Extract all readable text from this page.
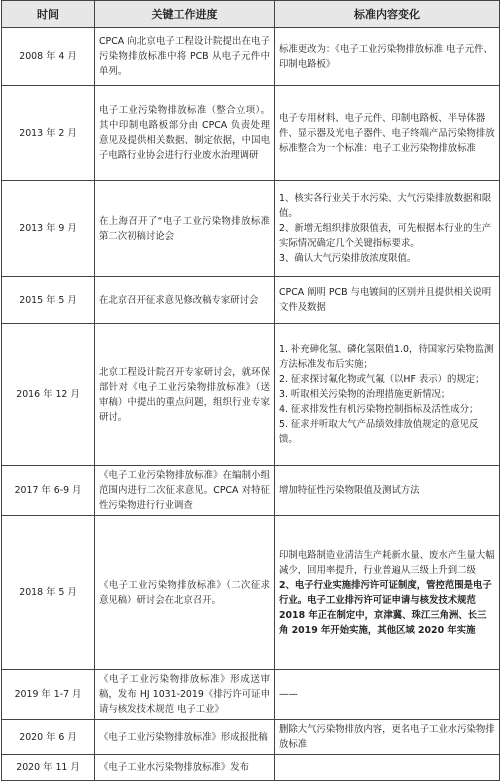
时间	关键工作进度	标准内容变化
2008 年 4 月	CPCA 向北京电子工程设计院提出在电子污染物排放标准中将 PCB 从电子元件中单列。	标准更改为：《电子工业污染物排放标准 电子元件、印制电路板》

2013 年 2 月	电子工业污染物排放标准（整合立项）。其中印制电路板部分由 CPCA 负责处理意见及提供相关数据、制定依据，中国电子电路行业协会进行行业废水治理调研	电子专用材料、电子元件、印制电路板、半导体器件、显示器及光电子器件、电子终端产品污染物排放标准整合为一个标准：电子工业污染物排放标准

2013 年 9 月	在上海召开了“电子工业污染物排放标准第二次初稿讨论会	1、核实各行业关于水污染、大气污染排放数据和限值。

2、新增无组织排放限值表，可先根据本行业的生产实际情况确定几个关键指标要求。

3、确认大气污染排放浓度限值。

2015 年 5 月	在北京召开征求意见修改稿专家研讨会	CPCA 阐明 PCB 与电镀间的区别并且提供相关说明文件及数据

2016 年 12 月	北京工程设计院召开专家研讨会，就环保部针对《电子工业污染物排放标准》（送审稿）中提出的重点问题，组织行业专家研讨。	1. 补充砷化氢、磷化氢限值1.0，待国家污染物监测方法标准发布后实施；

2. 征求探讨氟化物或气氟（以HF 表示）的规定；

3. 听取相关污染物的治理措施更新情况；

4. 征求排发性有机污染物控制指标及活性成分；

5. 征求并听取大气产品绩效排放值规定的意见反馈。

2017 年 6-9 月	《电子工业污染物排放标准》在编制小组范围内进行二次征求意见。CPCA 对特征性污染物进行行业调查	增加特征性污染物限值及测试方法

2018 年 5 月	《电子工业污染物排放标准》（二次征求意见稿）研讨会在北京召开。	印制电路制造业清洁生产耗新水量、废水产生量大幅减少，回用率提升，行业普遍从三级上升到二级

2、电子行业实施排污许可证制度，管控范围是电子行业。电子工业排污许可证申请与核发技术规范 2018 年正在制定中，京津冀、珠江三角洲、长三角 2019 年开始实施，其他区域 2020 年实施

2019 年 1-7 月	《电子工业污染物排放标准》形成送审稿，发布 HJ 1031-2019《排污许可证申请与核发技术规范 电子工业》	——

2020 年 6 月	《电子工业污染物排放标准》形成报批稿	删除大气污染物排放内容，更名电子工业水污染物排放标准

2020 年 11 月	《电子工业水污染物排放标准》发布	
